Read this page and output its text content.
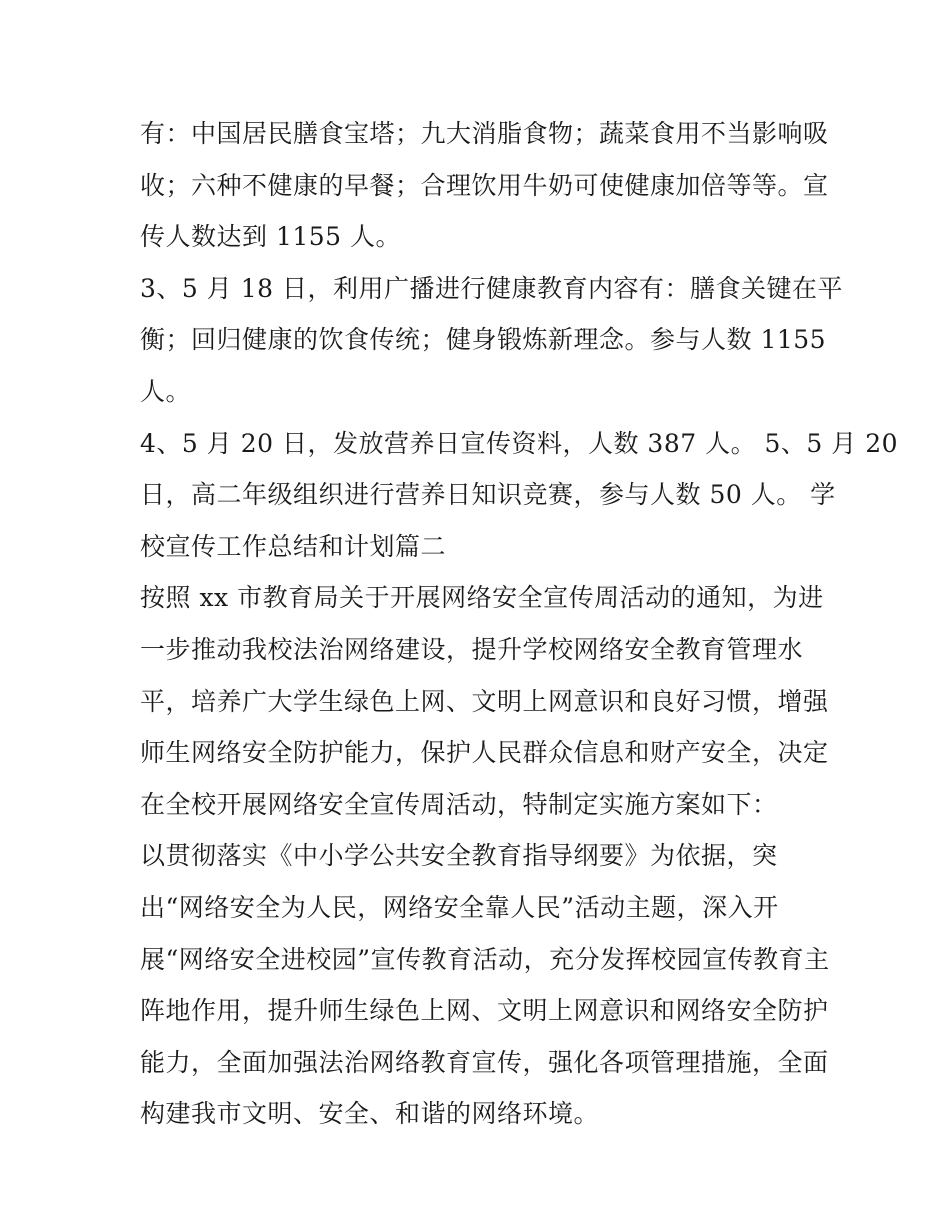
有：中国居民膳食宝塔；九大消脂食物；蔬菜食用不当影响吸
收；六种不健康的早餐；合理饮用牛奶可使健康加倍等等。宣
传人数达到 1155 人。
3、5 月 18 日，利用广播进行健康教育内容有：膳食关键在平
衡；回归健康的饮食传统；健身锻炼新理念。参与人数 1155
人。
4、5 月 20 日，发放营养日宣传资料，人数 387 人。 5、5 月 20
日，高二年级组织进行营养日知识竞赛，参与人数 50 人。 学
校宣传工作总结和计划篇二
按照 xx 市教育局关于开展网络安全宣传周活动的通知，为进
一步推动我校法治网络建设，提升学校网络安全教育管理水
平，培养广大学生绿色上网、文明上网意识和良好习惯，增强
师生网络安全防护能力，保护人民群众信息和财产安全，决定
在全校开展网络安全宣传周活动，特制定实施方案如下：
以贯彻落实《中小学公共安全教育指导纲要》为依据，突
出“网络安全为人民，网络安全靠人民”活动主题，深入开
展“网络安全进校园”宣传教育活动，充分发挥校园宣传教育主
阵地作用，提升师生绿色上网、文明上网意识和网络安全防护
能力，全面加强法治网络教育宣传，强化各项管理措施，全面
构建我市文明、安全、和谐的网络环境。
